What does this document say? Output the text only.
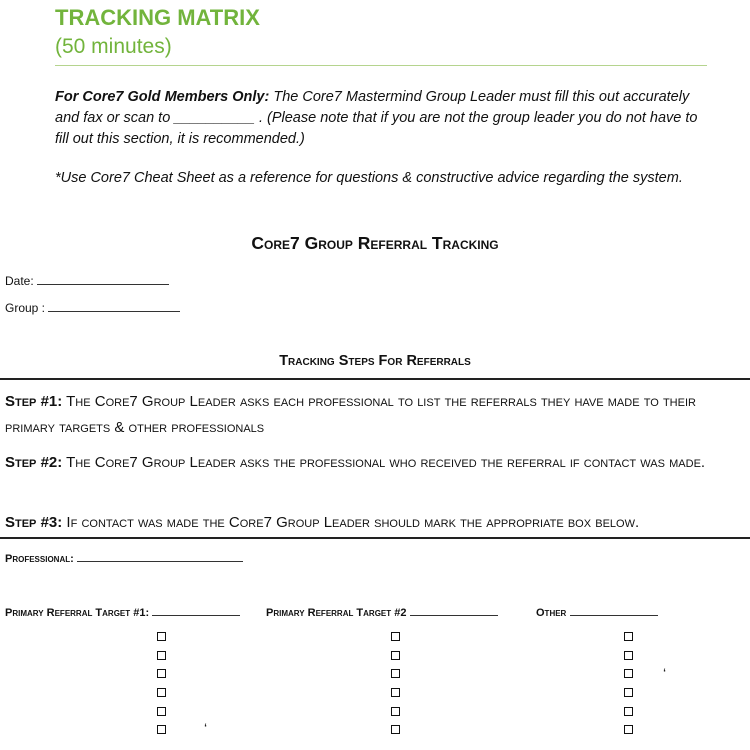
TRACKING MATRIX
(50 minutes)
For Core7 Gold Members Only: The Core7 Mastermind Group Leader must fill this out accurately and fax or scan to __________ . (Please note that if you are not the group leader you do not have to fill out this section, it is recommended.)
*Use Core7 Cheat Sheet as a reference for questions & constructive advice regarding the system.
Core7 Group Referral Tracking
Date:
Group :
Tracking Steps For Referrals
Step #1: The Core7 Group Leader asks each professional to list the referrals they have made to their primary targets & other professionals
Step #2: The Core7 Group Leader asks the professional who received the referral if contact was made.
Step #3: If contact was made the Core7 Group Leader should mark the appropriate box below.
Professional:
Primary Referral Target #1:	Primary Referral Target #2	Other
‘
‘
